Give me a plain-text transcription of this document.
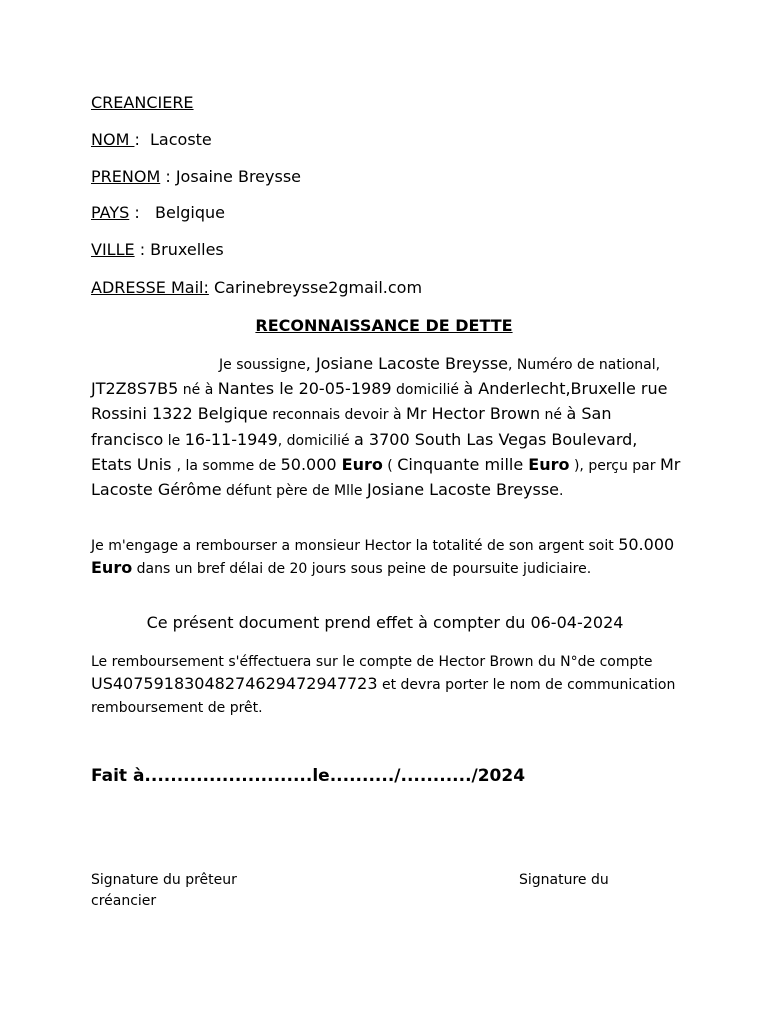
CREANCIERE
NOM :  Lacoste
PRENOM : Josaine Breysse
PAYS :   Belgique
VILLE : Bruxelles
ADRESSE Mail: Carinebreysse2gmail.com
RECONNAISSANCE DE DETTE
Je soussigne, Josiane Lacoste Breysse, Numéro de national, JT2Z8S7B5 né à Nantes le 20-05-1989 domicilié à Anderlecht,Bruxelle rue Rossini 1322 Belgique reconnais devoir à Mr Hector Brown né à San francisco le 16-11-1949, domicilié a 3700 South Las Vegas Boulevard, Etats Unis , la somme de 50.000 Euro ( Cinquante mille Euro ), perçu par Mr Lacoste Gérôme défunt père de Mlle Josiane Lacoste Breysse.
Je m'engage a rembourser a monsieur Hector la totalité de son argent soit 50.000 Euro dans un bref délai de 20 jours sous peine de poursuite judiciaire.
Ce présent document prend effet à compter du 06-04-2024
Le remboursement s'éffectuera sur le compte de Hector Brown du N°de compte US40759183048274629472947723 et devra porter le nom de communication remboursement de prêt.
Fait à..........................le........../.........../2024
Signature du prêteur
créancier
Signature du
